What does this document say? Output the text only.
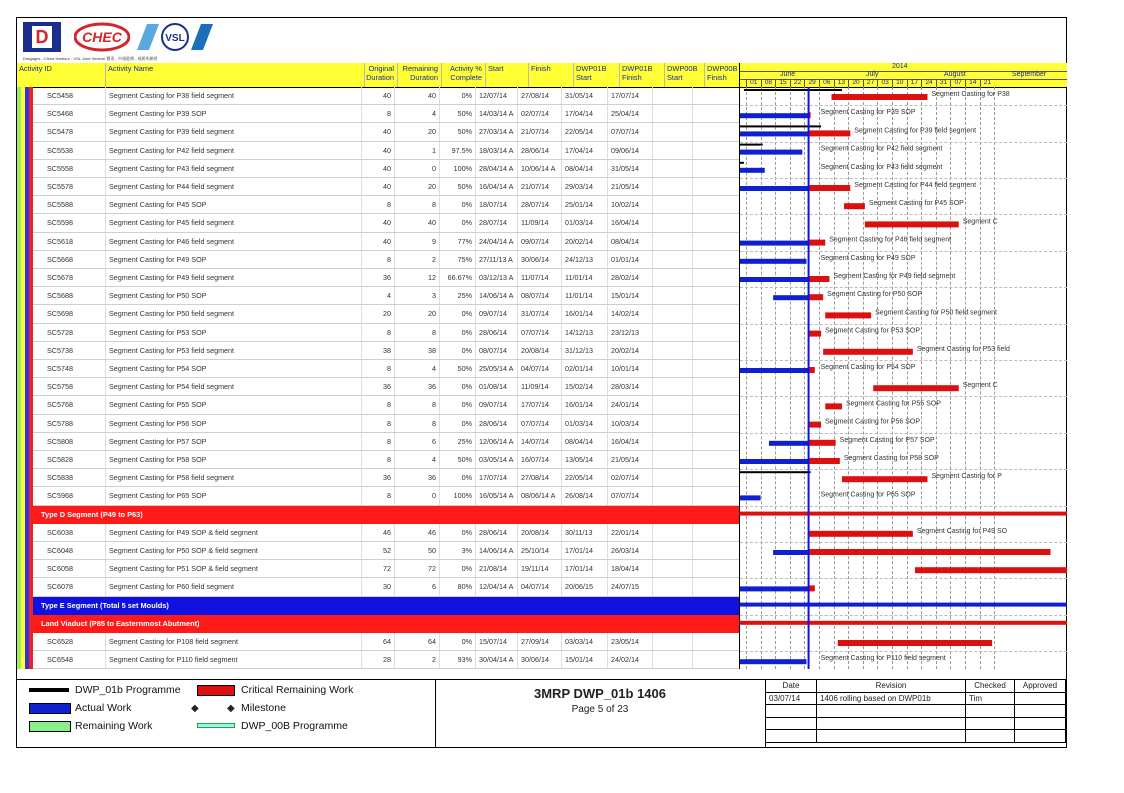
D CHEC	VSL
Dragages - China Harbour - VSL Joint Venture 寶嘉 - 中國港灣 - 威勝所聯營
Activity ID	Activity Name	Original
Duration
Remaining
Duration
Activity %
Complete
Start	Finish	DWP01B
Start
DWP01B
Finish
DWP00B
Start
DWP00B
Finish
SC5458	Segment Casting for P38 field segment	40	40	0% 12/07/14	27/08/14	31/05/14	17/07/14
SC5468	Segment Casting for P39 SOP	8	4	50% 14/03/14 A	02/07/14	17/04/14	25/04/14
SC5478	Segment Casting for P39 field segment	40	20	50% 27/03/14 A	21/07/14	22/05/14	07/07/14
SC5538	Segment Casting for P42 field segment	40	1	97.5% 18/03/14 A	28/06/14	17/04/14	09/06/14
SC5558	Segment Casting for P43 field segment	40	0	100% 28/04/14 A	10/06/14 A	08/04/14	31/05/14
SC5578	Segment Casting for P44 field segment	40	20	50% 16/04/14 A	21/07/14	29/03/14	21/05/14
SC5588	Segment Casting for P45 SOP	8	8	0% 18/07/14	28/07/14	25/01/14	10/02/14
SC5598	Segment Casting for P45 field segment	40	40	0% 28/07/14	11/09/14	01/03/14	16/04/14
SC5618	Segment Casting for P46 field segment	40	9	77% 24/04/14 A	09/07/14	20/02/14	08/04/14
SC5668	Segment Casting for P49 SOP	8	2	75% 27/11/13 A	30/06/14	24/12/13	01/01/14
SC5678	Segment Casting for P49 field segment	36	12	66.67% 03/12/13 A	11/07/14	11/01/14	28/02/14
SC5688	Segment Casting for P50 SOP	4	3	25% 14/06/14 A	08/07/14	11/01/14	15/01/14
SC5698	Segment Casting for P50 field segment	20	20	0% 09/07/14	31/07/14	16/01/14	14/02/14
SC5728	Segment Casting for P53 SOP	8	8	0% 28/06/14	07/07/14	14/12/13	23/12/13
SC5738	Segment Casting for P53 field segment	38	38	0% 08/07/14	20/08/14	31/12/13	20/02/14
SC5748	Segment Casting for P54 SOP	8	4	50% 25/05/14 A	04/07/14	02/01/14	10/01/14
SC5758	Segment Casting for P54 field segment	36	36	0% 01/08/14	11/09/14	15/02/14	28/03/14
SC5768	Segment Casting for P55 SOP	8	8	0% 09/07/14	17/07/14	16/01/14	24/01/14
SC5788	Segment Casting for P56 SOP	8	8	0% 28/06/14	07/07/14	01/03/14	10/03/14
SC5808	Segment Casting for P57 SOP	8	6	25% 12/06/14 A	14/07/14	08/04/14	16/04/14
SC5828	Segment Casting for P58 SOP	8	4	50% 03/05/14 A	16/07/14	13/05/14	21/05/14
SC5838	Segment Casting for P58 field segment	36	36	0% 17/07/14	27/08/14	22/05/14	02/07/14
SC5968	Segment Casting for P65 SOP	8	0	100% 16/05/14 A	08/06/14 A	26/08/14	07/07/14
Type D Segment (P49 to P63)
SC6038	Segment Casting for P49 SOP & field segment	46	46	0% 28/06/14	20/08/14	30/11/13	22/01/14
SC6048	Segment Casting for P50 SOP & field segment	52	50	3% 14/06/14 A	25/10/14	17/01/14	26/03/14
SC6058	Segment Casting for P51 SOP & field segment	72	72	0% 21/08/14	19/11/14	17/01/14	18/04/14
SC6078	Segment Casting for P60 field segment	30	6	80% 12/04/14 A	04/07/14	20/06/15	24/07/15
Type E Segment (Total 5 set Moulds)
Land Viaduct (P85 to Easternmost Abutment)
SC6528	Segment Casting for P108 field segment	64	64	0% 15/07/14	27/09/14	03/03/14	23/05/14
SC6548	Segment Casting for P110 field segment	28	2	93% 30/04/14 A	30/06/14	15/01/14	24/02/14
2014
June	July	August	September
01	08	15	22	29	06	13	20	27	03	10	17	24	31	07	14	21
Segment Casting for P38
Segment Casting for P39 SOP
Segment Casting for P39 field segment
Segment Casting for P42 field segment
Segment Casting for P43 field segment
Segment Casting for P44 field segment
Segment Casting for P45 SOP
Segment C
Segment Casting for P46 field segment
Segment Casting for P49 SOP
Segment Casting for P49 field segment
Segment Casting for P50 SOP
Segment Casting for P50 field segment
Segment Casting for P53 SOP
Segment Casting for P53 field
Segment Casting for P54 SOP
Segment C
Segment Casting for P55 SOP
Segment Casting for P56 SOP
Segment Casting for P57 SOP
Segment Casting for P58 SOP
Segment Casting for P
Segment Casting for P65 SOP
Segment Casting for P49 SO
Segment Casting for P110 field segment
DWP_01b Programme	Critical Remaining Work
Actual Work	◆	◆ Milestone
Remaining Work	DWP_00B Programme
3MRP DWP_01b 1406
Page 5 of 23
Date	Revision	Checked	Approved
03/07/14	1406 rolling based on DWP01b	Tim	
